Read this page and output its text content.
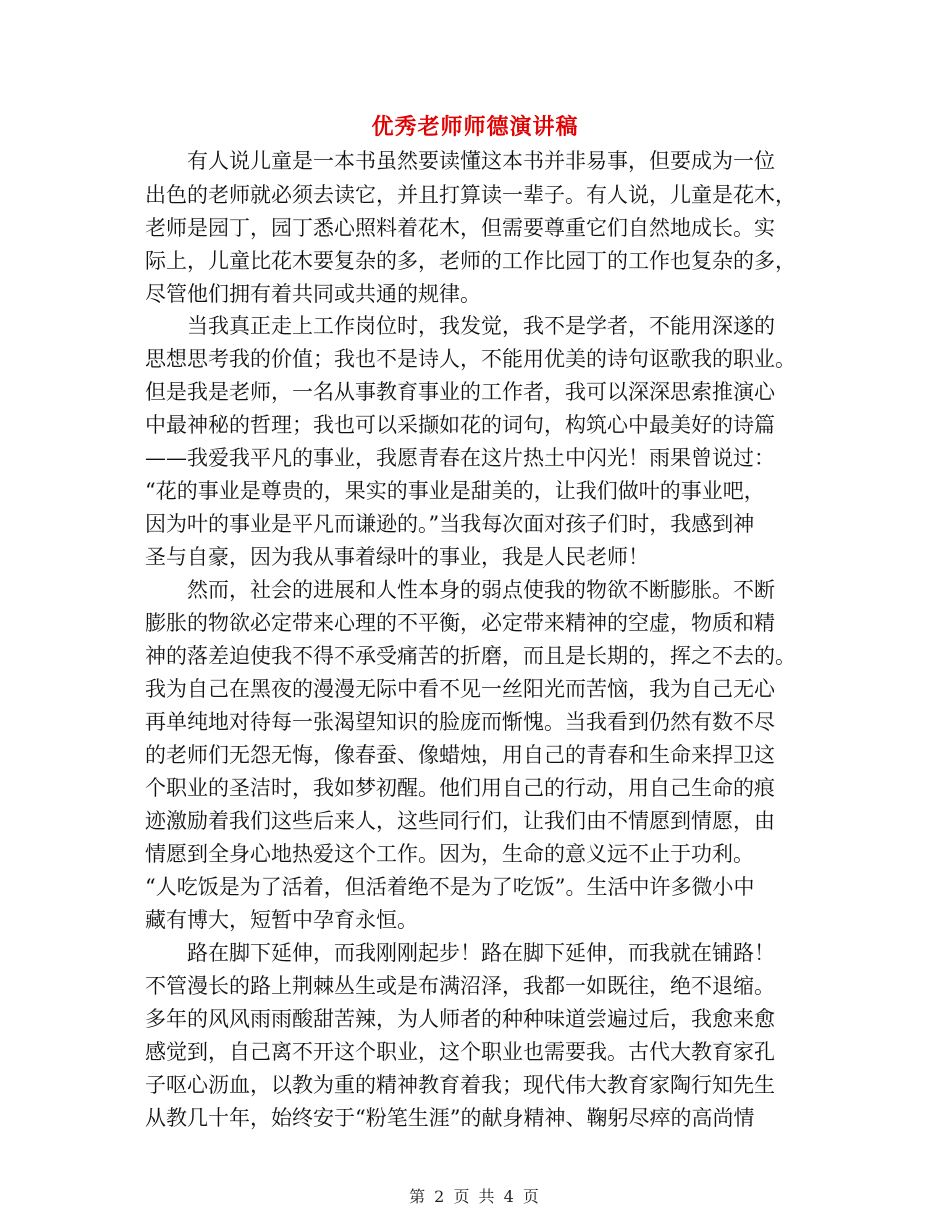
优秀老师师德演讲稿
　　有人说儿童是一本书虽然要读懂这本书并非易事，但要成为一位
出色的老师就必须去读它，并且打算读一辈子。有人说，儿童是花木，
老师是园丁，园丁悉心照料着花木，但需要尊重它们自然地成长。实
际上，儿童比花木要复杂的多，老师的工作比园丁的工作也复杂的多，
尽管他们拥有着共同或共通的规律。
　　当我真正走上工作岗位时，我发觉，我不是学者，不能用深遂的
思想思考我的价值；我也不是诗人，不能用优美的诗句讴歌我的职业。
但是我是老师，一名从事教育事业的工作者，我可以深深思索推演心
中最神秘的哲理；我也可以采撷如花的词句，构筑心中最美好的诗篇
——我爱我平凡的事业，我愿青春在这片热土中闪光！雨果曾说过：
“花的事业是尊贵的，果实的事业是甜美的，让我们做叶的事业吧，
因为叶的事业是平凡而谦逊的。”当我每次面对孩子们时，我感到神
圣与自豪，因为我从事着绿叶的事业，我是人民老师！
　　然而，社会的进展和人性本身的弱点使我的物欲不断膨胀。不断
膨胀的物欲必定带来心理的不平衡，必定带来精神的空虚，物质和精
神的落差迫使我不得不承受痛苦的折磨，而且是长期的，挥之不去的。
我为自己在黑夜的漫漫无际中看不见一丝阳光而苦恼，我为自己无心
再单纯地对待每一张渴望知识的脸庞而惭愧。当我看到仍然有数不尽
的老师们无怨无悔，像春蚕、像蜡烛，用自己的青春和生命来捍卫这
个职业的圣洁时，我如梦初醒。他们用自己的行动，用自己生命的痕
迹激励着我们这些后来人，这些同行们，让我们由不情愿到情愿，由
情愿到全身心地热爱这个工作。因为，生命的意义远不止于功利。
“人吃饭是为了活着，但活着绝不是为了吃饭”。生活中许多微小中
藏有博大，短暂中孕育永恒。
　　路在脚下延伸，而我刚刚起步！路在脚下延伸，而我就在铺路！
不管漫长的路上荆棘丛生或是布满沼泽，我都一如既往，绝不退缩。
多年的风风雨雨酸甜苦辣，为人师者的种种味道尝遍过后，我愈来愈
感觉到，自己离不开这个职业，这个职业也需要我。古代大教育家孔
子呕心沥血，以教为重的精神教育着我；现代伟大教育家陶行知先生
从教几十年，始终安于“粉笔生涯”的献身精神、鞠躬尽瘁的高尚情
第 2 页 共 4 页
